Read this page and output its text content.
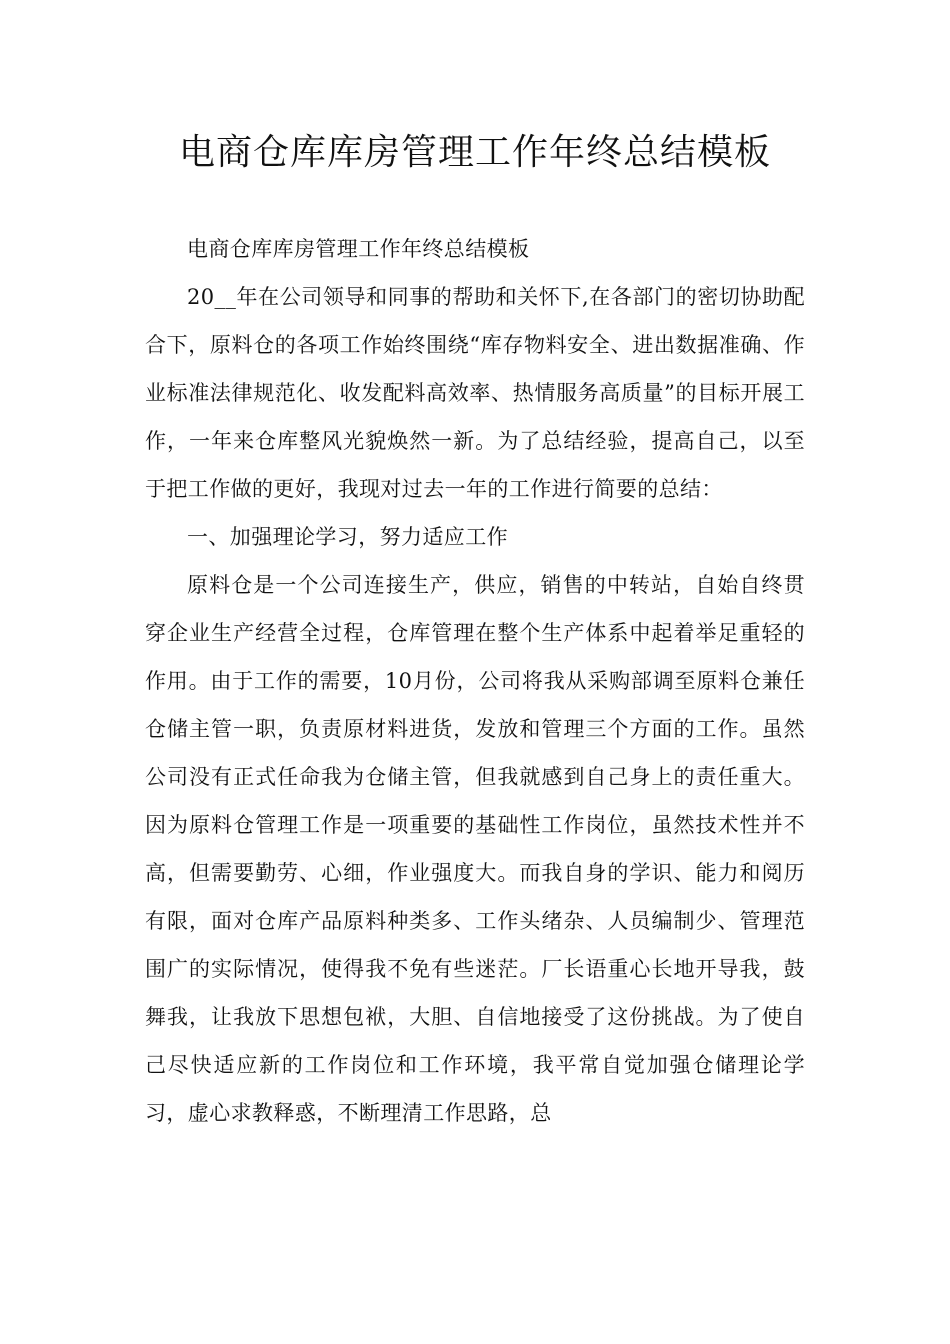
电商仓库库房管理工作年终总结模板

电商仓库库房管理工作年终总结模板

20__年在公司领导和同事的帮助和关怀下,在各部门的密切协助配合下，原料仓的各项工作始终围绕“库存物料安全、进出数据准确、作业标准法律规范化、收发配料高效率、热情服务高质量”的目标开展工作，一年来仓库整风光貌焕然一新。为了总结经验，提高自己，以至于把工作做的更好，我现对过去一年的工作进行简要的总结：

一、加强理论学习，努力适应工作

原料仓是一个公司连接生产，供应，销售的中转站，自始自终贯穿企业生产经营全过程，仓库管理在整个生产体系中起着举足重轻的作用。由于工作的需要，10月份，公司将我从采购部调至原料仓兼任仓储主管一职，负责原材料进货，发放和管理三个方面的工作。虽然公司没有正式任命我为仓储主管，但我就感到自己身上的责任重大。因为原料仓管理工作是一项重要的基础性工作岗位，虽然技术性并不高，但需要勤劳、心细，作业强度大。而我自身的学识、能力和阅历有限，面对仓库产品原料种类多、工作头绪杂、人员编制少、管理范围广的实际情况，使得我不免有些迷茫。厂长语重心长地开导我，鼓舞我，让我放下思想包袱，大胆、自信地接受了这份挑战。为了使自己尽快适应新的工作岗位和工作环境，我平常自觉加强仓储理论学习，虚心求教释惑，不断理清工作思路，总
